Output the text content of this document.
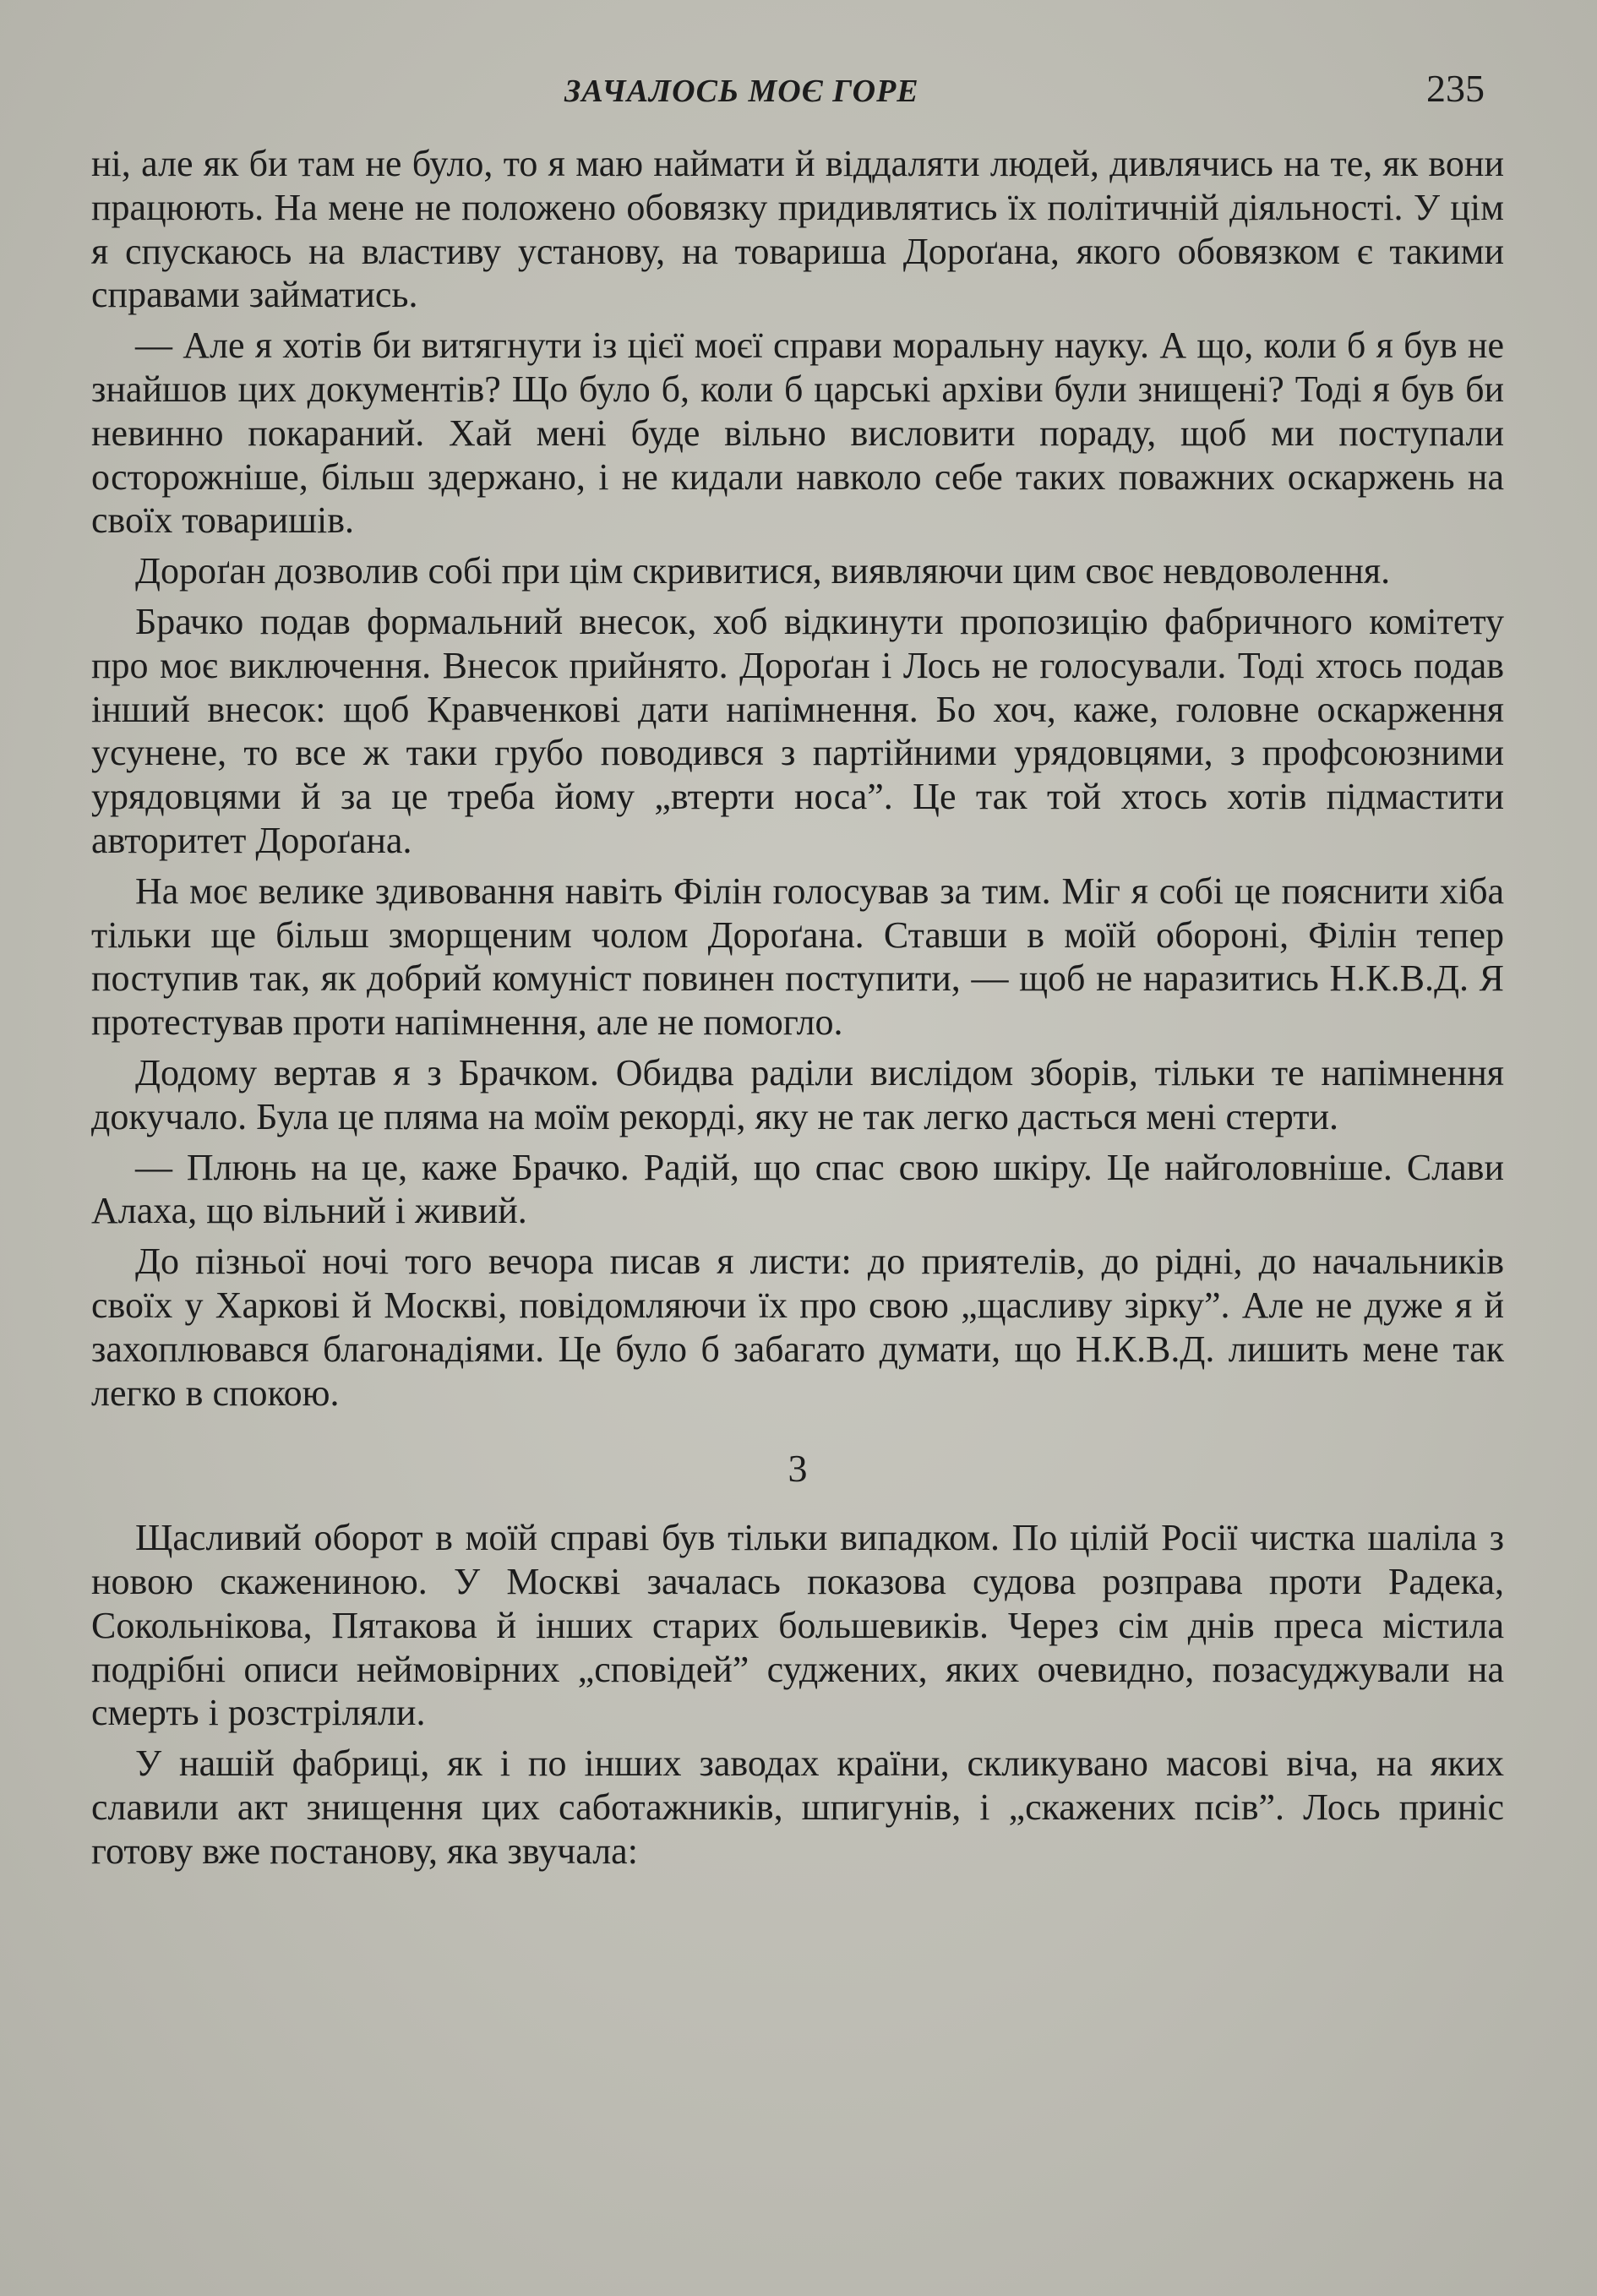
ЗАЧАЛОСЬ МОЄ ГОРЕ	235

ні, але як би там не було, то я маю наймати й віддаляти людей, дивлячись на те, як вони працюють. На мене не положено обовязку придивлятись їх політичній діяльності. У цім я спускаюсь на властиву установу, на товариша Дороґана, якого обовязком є такими справами займатись.

— Але я хотів би витягнути із цієї моєї справи моральну науку. А що, коли б я був не знайшов цих документів? Що було б, коли б царські архіви були знищені? Тоді я був би невинно покараний. Хай мені буде вільно висловити пораду, щоб ми поступали осторожніше, більш здержано, і не кидали навколо себе таких поважних оскаржень на своїх товаришів.

Дороґан дозволив собі при цім скривитися, виявляючи цим своє невдоволення.

Брачко подав формальний внесок, хоб відкинути пропозицію фабричного комітету про моє виключення. Внесок прийнято. Дороґан і Лось не голосували. Тоді хтось подав інший внесок: щоб Кравченкові дати напімнення. Бо хоч, каже, головне оскарження усунене, то все ж таки грубо поводився з партійними урядовцями, з профсоюзними урядовцями й за це треба йому „втерти носа”. Це так той хтось хотів підмастити авторитет Дороґана.

На моє велике здивовання навіть Філін голосував за тим. Міг я собі це пояснити хіба тільки ще більш зморщеним чолом Дороґана. Ставши в моїй обороні, Філін тепер поступив так, як добрий комуніст повинен поступити, — щоб не наразитись Н.К.В.Д. Я протестував проти напімнення, але не помогло.

Додому вертав я з Брачком. Обидва раділи вислідом зборів, тільки те напімнення докучало. Була це пляма на моїм рекорді, яку не так легко дасться мені стерти.

— Плюнь на це, каже Брачко. Радій, що спас свою шкіру. Це найголовніше. Слави Алаха, що вільний і живий.

До пізньої ночі того вечора писав я листи: до приятелів, до рідні, до начальників своїх у Харкові й Москві, повідомляючи їх про свою „щасливу зірку”. Але не дуже я й захоплювався благонадіями. Це було б забагато думати, що Н.К.В.Д. лишить мене так легко в спокою.

3

Щасливий оборот в моїй справі був тільки випадком. По цілій Росії чистка шаліла з новою скажениною. У Москві зачалась показова судова розправа проти Радека, Сокольнікова, Пятакова й інших старих большевиків. Через сім днів преса містила подрібні описи неймовірних „сповідей” суджених, яких очевидно, позасуджували на смерть і розстріляли.

У нашій фабриці, як і по інших заводах країни, скликувано масові віча, на яких славили акт знищення цих саботажників, шпигунів, і „скажених псів”. Лось приніс готову вже постанову, яка звучала:
